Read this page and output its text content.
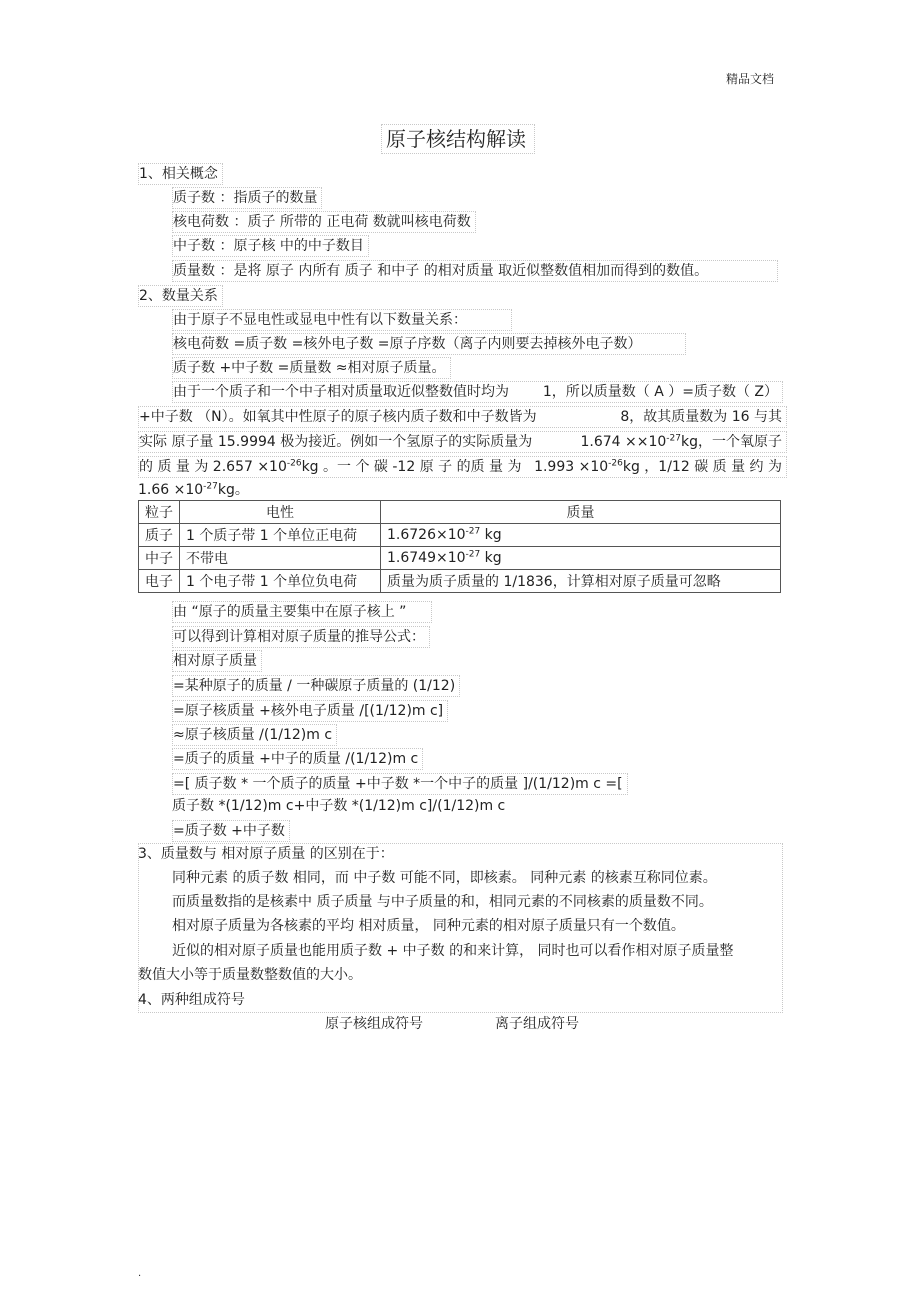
精品文档
原子核结构解读
1、相关概念
质子数 ：指质子的数量
核电荷数 ：质子 所带的 正电荷 数就叫核电荷数
中子数 ：原子核 中的中子数目
质量数 ：是将 原子 内所有 质子 和中子 的相对质量 取近似整数值相加而得到的数值。
2、数量关系
由于原子不显电性或显电中性有以下数量关系：
核电荷数 =质子数 =核外电子数 =原子序数（离子内则要去掉核外电子数）
质子数 +中子数 =质量数 ≈相对原子质量。
由于一个质子和一个中子相对质量取近似整数值时均为 1，所以质量数（ A ）=质子数（ Z）
+中子数 （N）。如氧其中性原子的原子核内质子数和中子数皆为	8，故其质量数为 16 与其
实际 原子量 15.9994 极为接近。例如一个氢原子的实际质量为	$1.674 \times\times 10^{-27}kg$，一个氧原子
的 质 量 为 $2.657 \times 10^{-26}kg$ 。一 个 碳 -12 原 子 的质 量 为 $1.993 \times 10^{-26}kg$ ，1/12 碳 质 量 约 为
$1.66 \times 10^{-27}kg$。
粒子	电性	质量
质子	1 个质子带 1 个单位正电荷	$1.6726\times 10^{-27}$ kg
中子	不带电	$1.6749\times 10^{-27}$ kg
电子	1 个电子带 1 个单位负电荷	质量为质子质量的 1/1836，计算相对原子质量可忽略
由 “原子的质量主要集中在原子核上 ”
可以得到计算相对原子质量的推导公式：
相对原子质量
=某种原子的质量 / 一种碳原子质量的 (1/12)
=原子核质量 +核外电子质量 /[(1/12)m c]
≈原子核质量 /(1/12)m c
=质子的质量 +中子的质量 /(1/12)m c
=[ 质子数 * 一个质子的质量 +中子数 *一个中子的质量 ]/(1/12)m c =[
质子数 *(1/12)m c+中子数 *(1/12)m c]/(1/12)m c
=质子数 +中子数
3、质量数与 相对原子质量 的区别在于：
同种元素 的质子数 相同，而 中子数 可能不同，即核素。 同种元素 的核素互称同位素。
而质量数指的是核素中 质子质量 与中子质量的和，相同元素的不同核素的质量数不同。
相对原子质量为各核素的平均 相对质量， 同种元素的相对原子质量只有一个数值。
近似的相对原子质量也能用质子数 + 中子数 的和来计算， 同时也可以看作相对原子质量整
数值大小等于质量数整数值的大小。
4、两种组成符号
原子核组成符号	离子组成符号
.
